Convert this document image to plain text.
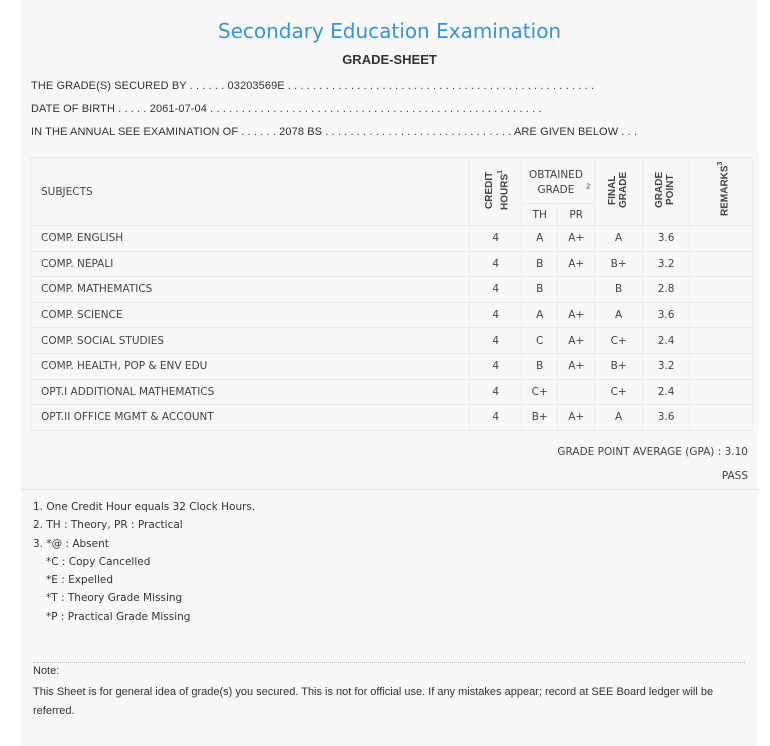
Secondary Education Examination
GRADE-SHEET
THE GRADE(S) SECURED BY . . . . . . 03203569E . . . . . . . . . . . . . . . . . . . . . . . . . . . . . . . . . . . . . . . . . . . . . . . . .
DATE OF BIRTH . . . . . 2061-07-04 . . . . . . . . . . . . . . . . . . . . . . . . . . . . . . . . . . . . . . . . . . . . . . . . . . . . .
IN THE ANNUAL SEE EXAMINATION OF . . . . . . 2078 BS . . . . . . . . . . . . . . . . . . . . . . . . . . . . . . ARE GIVEN BELOW . . .
SUBJECTS	CREDIT HOURS$^1$	OBTAINED GRADE $^2$		FINAL GRADE	GRADE POINT	REMARKS$^3$
		TH	PR			
COMP. ENGLISH	4	A	A+	A	3.6	
COMP. NEPALI	4	B	A+	B+	3.2	
COMP. MATHEMATICS	4	B		B	2.8	
COMP. SCIENCE	4	A	A+	A	3.6	
COMP. SOCIAL STUDIES	4	C	A+	C+	2.4	
COMP. HEALTH, POP & ENV EDU	4	B	A+	B+	3.2	
OPT.I ADDITIONAL MATHEMATICS	4	C+		C+	2.4	
OPT.II OFFICE MGMT & ACCOUNT	4	B+	A+	A	3.6	
GRADE POINT AVERAGE (GPA) : 3.10
PASS
1. One Credit Hour equals 32 Clock Hours.
2. TH : Theory, PR : Practical
3. *@ : Absent
*C : Copy Cancelled
*E : Expelled
*T : Theory Grade Missing
*P : Practical Grade Missing
Note:
This Sheet is for general idea of grade(s) you secured. This is not for official use. If any mistakes appear; record at SEE Board ledger will be referred.
